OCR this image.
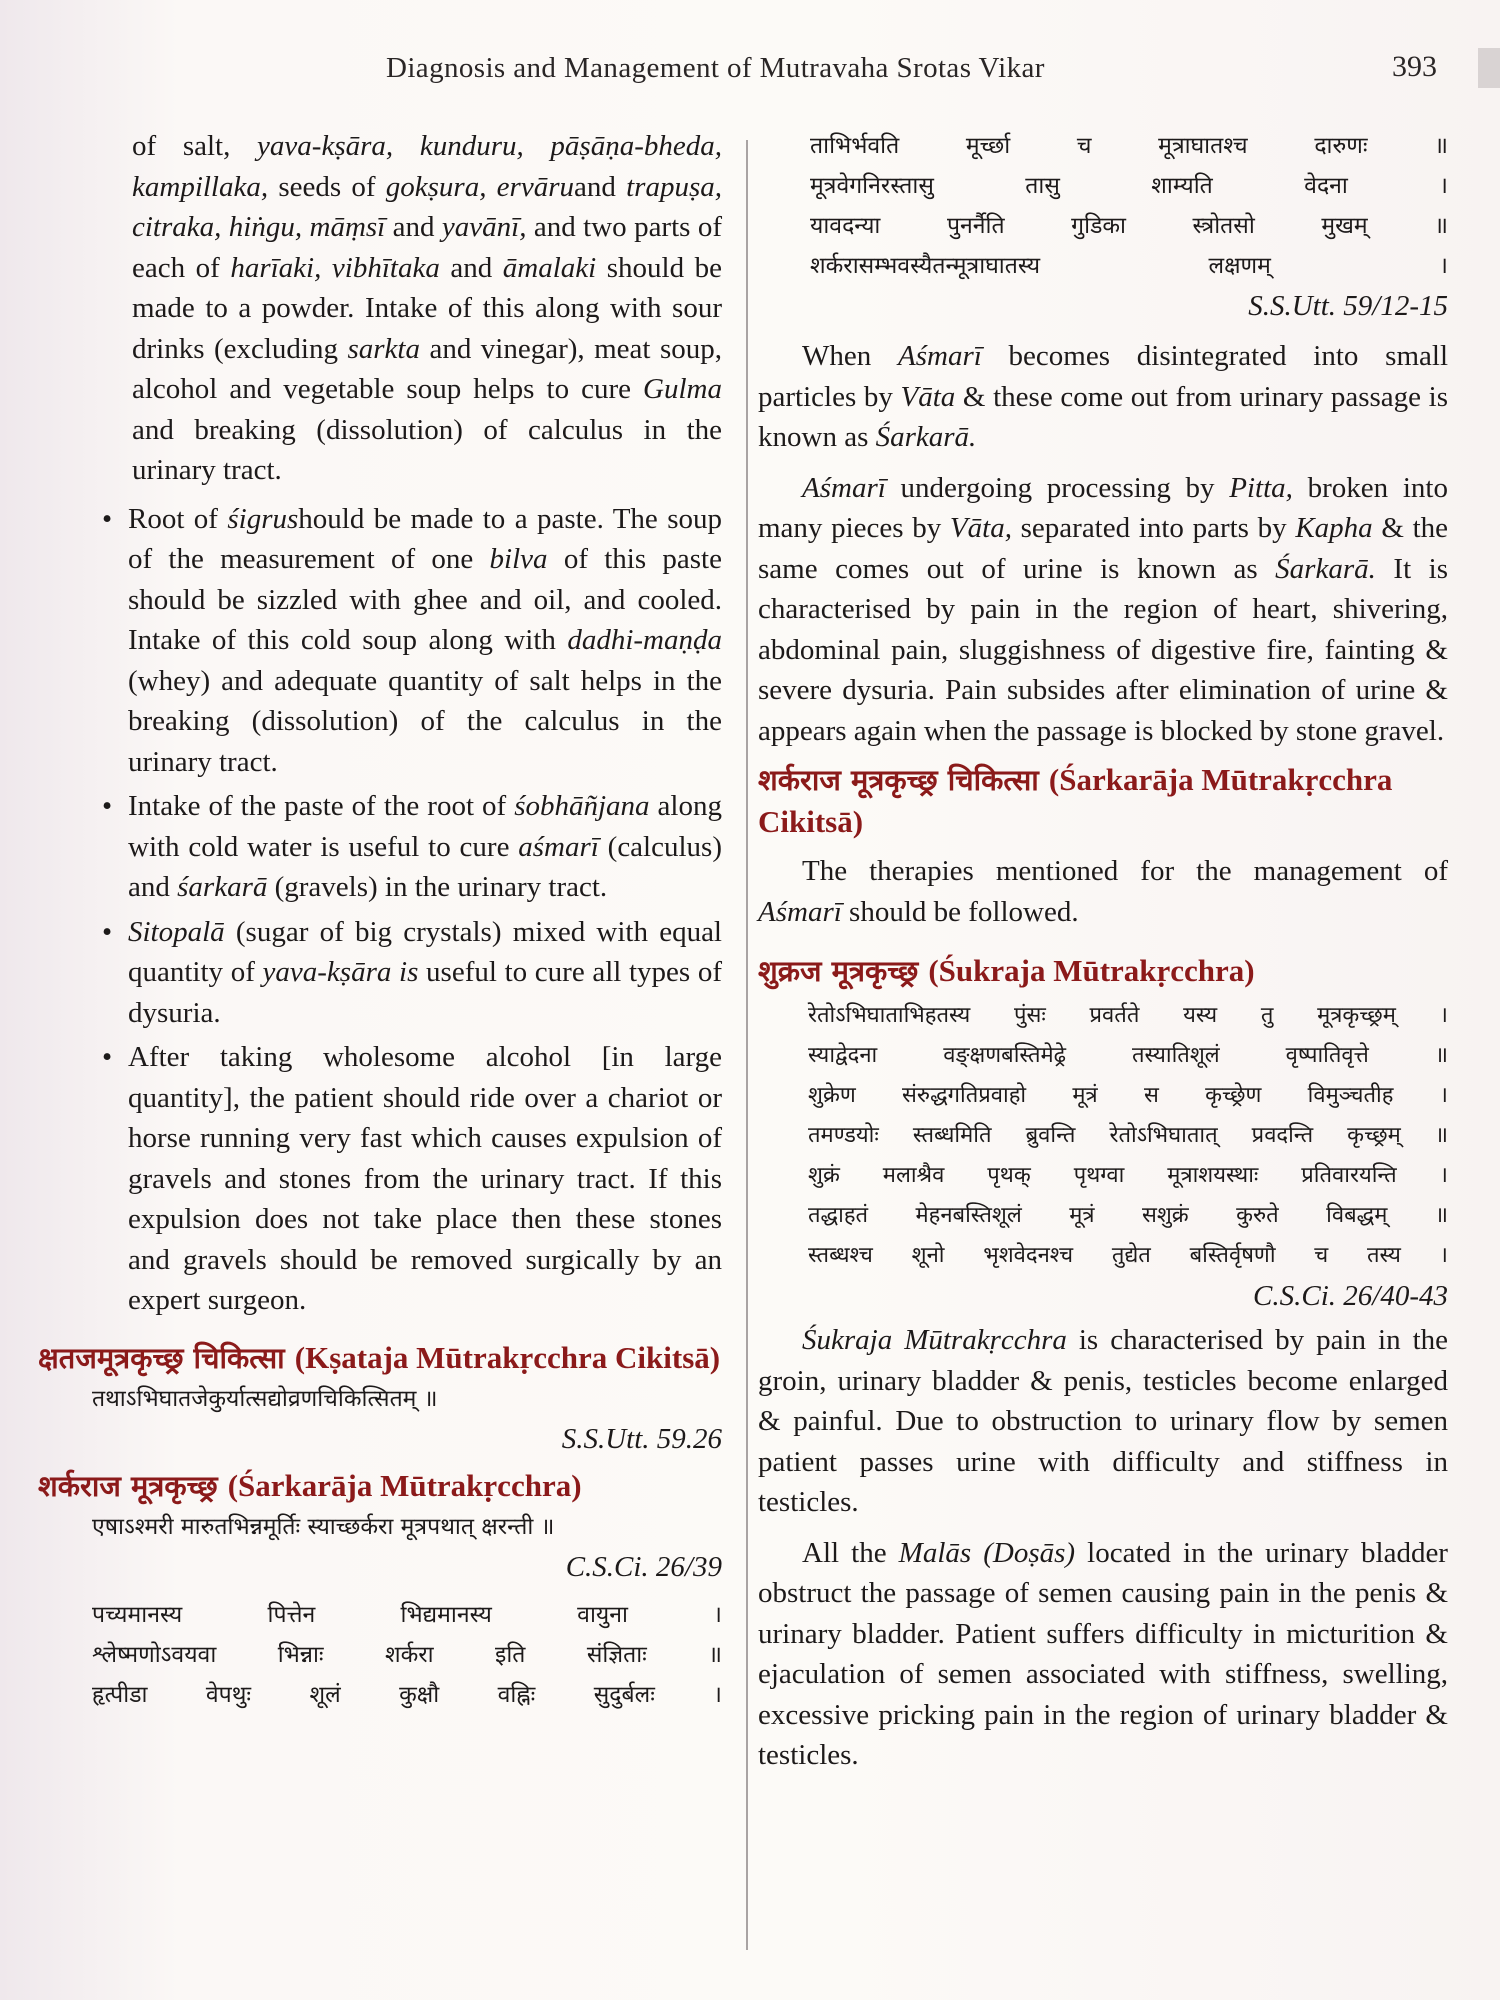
Diagnosis and Management of Mutravaha Srotas Vikar	393

of salt, yava-kṣāra, kunduru, pāṣāṇa-bheda, kampillaka, seeds of gokṣura, ervāruand trapuṣa, citraka, hiṅgu, māṃsī and yavānī, and two parts of each of harīaki, vibhītaka and āmalaki should be made to a powder. Intake of this along with sour drinks (excluding sarkta and vinegar), meat soup, alcohol and vegetable soup helps to cure Gulma and breaking (dissolution) of calculus in the urinary tract.

• Root of śigrushould be made to a paste. The soup of the measurement of one bilva of this paste should be sizzled with ghee and oil, and cooled. Intake of this cold soup along with dadhi-maṇḍa (whey) and adequate quantity of salt helps in the breaking (dissolution) of the calculus in the urinary tract.

• Intake of the paste of the root of śobhāñjana along with cold water is useful to cure aśmarī (calculus) and śarkarā (gravels) in the urinary tract.

• Sitopalā (sugar of big crystals) mixed with equal quantity of yava-kṣāra is useful to cure all types of dysuria.

• After taking wholesome alcohol [in large quantity], the patient should ride over a chariot or horse running very fast which causes expulsion of gravels and stones from the urinary tract. If this expulsion does not take place then these stones and gravels should be removed surgically by an expert surgeon.

क्षतजमूत्रकृच्छ्र चिकित्सा (Kṣataja Mūtrakṛcchra Cikitsā)

तथाऽभिघातजेकुर्यात्सद्योव्रणचिकित्सितम् ॥

S.S.Utt. 59.26

शर्कराज मूत्रकृच्छ्र (Śarkarāja Mūtrakṛcchra)

एषाऽश्मरी मारुतभिन्नमूर्तिः स्याच्छर्करा मूत्रपथात् क्षरन्ती ॥

C.S.Ci. 26/39

पच्यमानस्य पित्तेन भिद्यमानस्य वायुना ।

श्लेष्मणोऽवयवा भिन्नाः शर्करा इति संज्ञिताः ॥

हृत्पीडा वेपथुः शूलं कुक्षौ वह्निः सुदुर्बलः ।

ताभिर्भवति मूर्च्छा च मूत्राघातश्च दारुणः ॥

मूत्रवेगनिरस्तासु तासु शाम्यति वेदना ।

यावदन्या पुनर्नैति गुडिका स्त्रोतसो मुखम् ॥

शर्करासम्भवस्यैतन्मूत्राघातस्य लक्षणम् ।

S.S.Utt. 59/12-15

When Aśmarī becomes disintegrated into small particles by Vāta & these come out from urinary passage is known as Śarkarā.

Aśmarī undergoing processing by Pitta, broken into many pieces by Vāta, separated into parts by Kapha & the same comes out of urine is known as Śarkarā. It is characterised by pain in the region of heart, shivering, abdominal pain, sluggishness of digestive fire, fainting & severe dysuria. Pain subsides after elimination of urine & appears again when the passage is blocked by stone gravel.

शर्कराज मूत्रकृच्छ्र चिकित्सा (Śarkarāja Mūtrakṛcchra Cikitsā)

The therapies mentioned for the management of Aśmarī should be followed.

शुक्रज मूत्रकृच्छ्र (Śukraja Mūtrakṛcchra)

रेतोऽभिघाताभिहतस्य पुंसः प्रवर्तते यस्य तु मूत्रकृच्छ्रम् ।

स्याद्वेदना वङ्क्षणबस्तिमेढ्रे तस्यातिशूलं वृष्पातिवृत्ते ॥

शुक्रेण संरुद्धगतिप्रवाहो मूत्रं स कृच्छ्रेण विमुञ्चतीह ।

तमण्डयोः स्तब्धमिति ब्रुवन्ति रेतोऽभिघातात् प्रवदन्ति कृच्छ्रम् ॥

शुक्रं मलाश्रैव पृथक् पृथग्वा मूत्राशयस्थाः प्रतिवारयन्ति ।

तद्धाहतं मेहनबस्तिशूलं मूत्रं सशुक्रं कुरुते विबद्धम् ॥

स्तब्धश्च शूनो भृशवेदनश्च तुद्येत बस्तिर्वृषणौ च तस्य ।

C.S.Ci. 26/40-43

Śukraja Mūtrakṛcchra is characterised by pain in the groin, urinary bladder & penis, testicles become enlarged & painful. Due to obstruction to urinary flow by semen patient passes urine with difficulty and stiffness in testicles.

All the Malās (Doṣās) located in the urinary bladder obstruct the passage of semen causing pain in the penis & urinary bladder. Patient suffers difficulty in micturition & ejaculation of semen associated with stiffness, swelling, excessive pricking pain in the region of urinary bladder & testicles.
